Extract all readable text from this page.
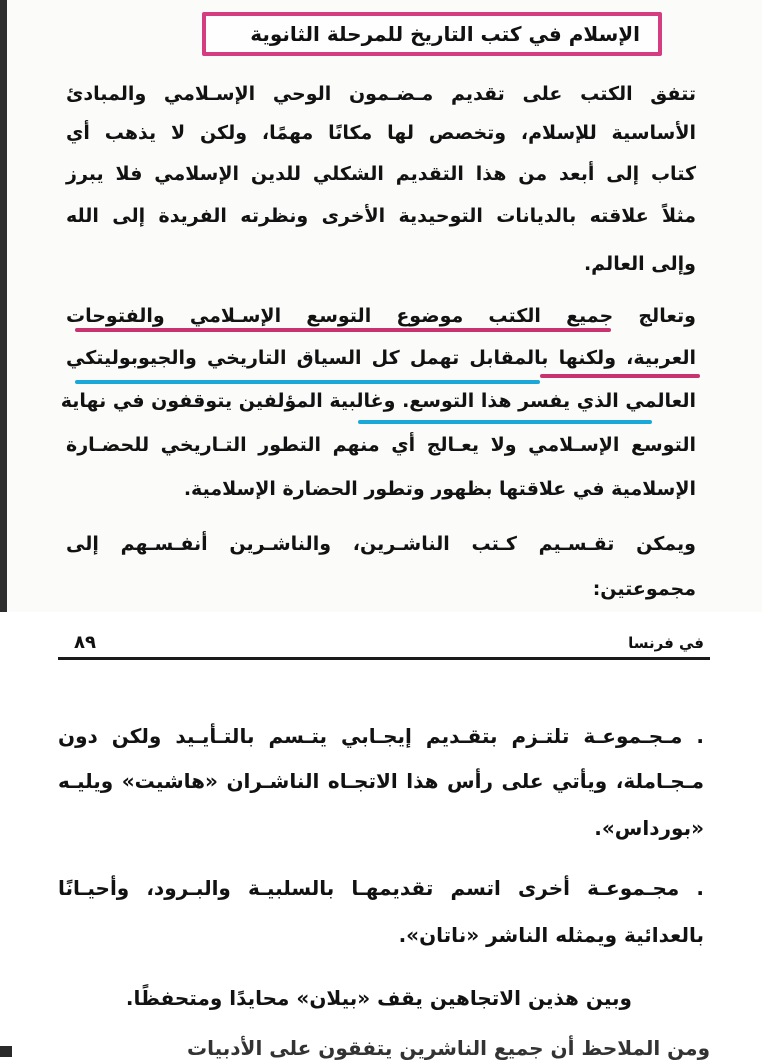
الإسلام في كتب التاريخ للمرحلة الثانوية
تتفق الكتب على تقديم مـضـمون الوحي الإسـلامي والمبادئ
الأساسية للإسلام، وتخصص لها مكانًا مهمًا، ولكن لا يذهب أي
كتاب إلى أبعد من هذا التقديم الشكلي للدين الإسلامي فلا يبرز
مثلاً علاقته بالديانات التوحيدية الأخرى ونظرته الفريدة إلى الله
وإلى العالم.
وتعالج جميع الكتب موضوع التوسع الإسـلامي والفتوحات
العربية، ولكنها بالمقابل تهمل كل السياق التاريخي والجيوبوليتكي
العالمي الذي يفسر هذا التوسع. وغالبية المؤلفين يتوقفون في نهاية
التوسع الإسـلامي ولا يعـالج أي منهم التطور التـاريخي للحضـارة
الإسلامية في علاقتها بظهور وتطور الحضارة الإسلامية.
ويمكن تقـسـيم كـتب الناشـرين، والناشـرين أنفـسـهم إلى
مجموعتين:
٨٩	في فرنسا
. مـجـموعـة تلتـزم بتقـديم إيجـابي يتـسم بالتـأيـيد ولكن دون
مـجـاملة، ويأتي على رأس هذا الاتجـاه الناشـران «هاشيت» ويليـه
«بورداس».
. مجـموعـة أخرى اتسم تقديمهـا بالسلبيـة والبـرود، وأحيـانًا
بالعدائية ويمثله الناشر «ناتان».
وبين هذين الاتجاهين يقف «بيلان» محايدًا ومتحفظًا.
ومن الملاحظ أن جميع الناشرين يتفقون على الأدبيات
